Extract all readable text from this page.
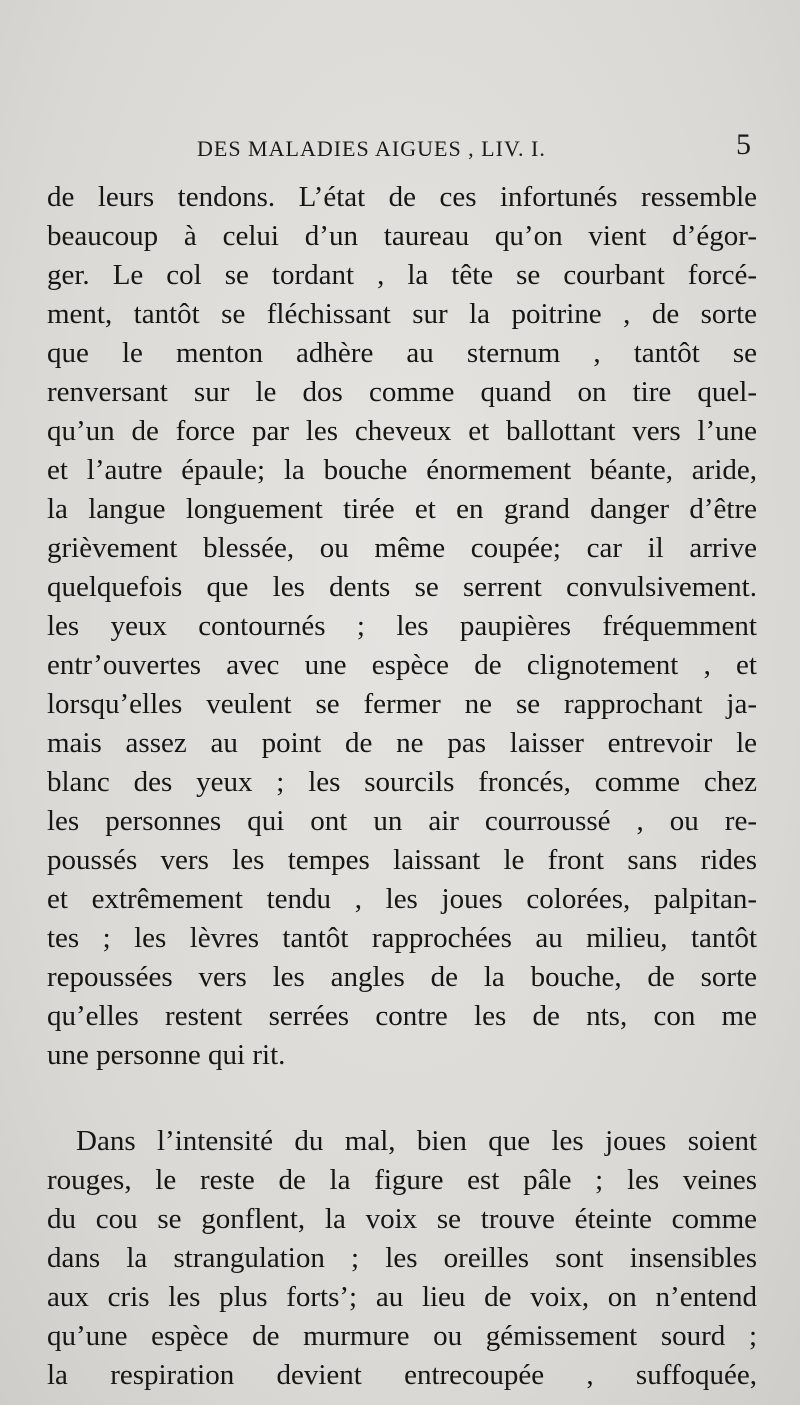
DES MALADIES AIGUES , LIV. I.	5
de leurs tendons. L’état de ces infortunés ressemble
beaucoup à celui d’un taureau qu’on vient d’égor-
ger. Le col se tordant , la tête se courbant forcé-
ment, tantôt se fléchissant sur la poitrine , de sorte
que le menton adhère au sternum , tantôt se
renversant sur le dos comme quand on tire quel-
qu’un de force par les cheveux et ballottant vers l’une
et l’autre épaule; la bouche énormement béante, aride,
la langue longuement tirée et en grand danger d’être
grièvement blessée, ou même coupée; car il arrive
quelquefois que les dents se serrent convulsivement.
les yeux contournés ; les paupières fréquemment
entr’ouvertes avec une espèce de clignotement , et
lorsqu’elles veulent se fermer ne se rapprochant ja-
mais assez au point de ne pas laisser entrevoir le
blanc des yeux ; les sourcils froncés, comme chez
les personnes qui ont un air courroussé , ou re-
poussés vers les tempes laissant le front sans rides
et extrêmement tendu , les joues colorées, palpitan-
tes ; les lèvres tantôt rapprochées au milieu, tantôt
repoussées vers les angles de la bouche, de sorte
qu’elles restent serrées contre les de nts, con me
une personne qui rit.
Dans l’intensité du mal, bien que les joues soient
rouges, le reste de la figure est pâle ; les veines
du cou se gonflent, la voix se trouve éteinte comme
dans la strangulation ; les oreilles sont insensibles
aux cris les plus forts’; au lieu de voix, on n’entend
qu’une espèce de murmure ou gémissement sourd ;
la respiration devient entrecoupée , suffoquée,
